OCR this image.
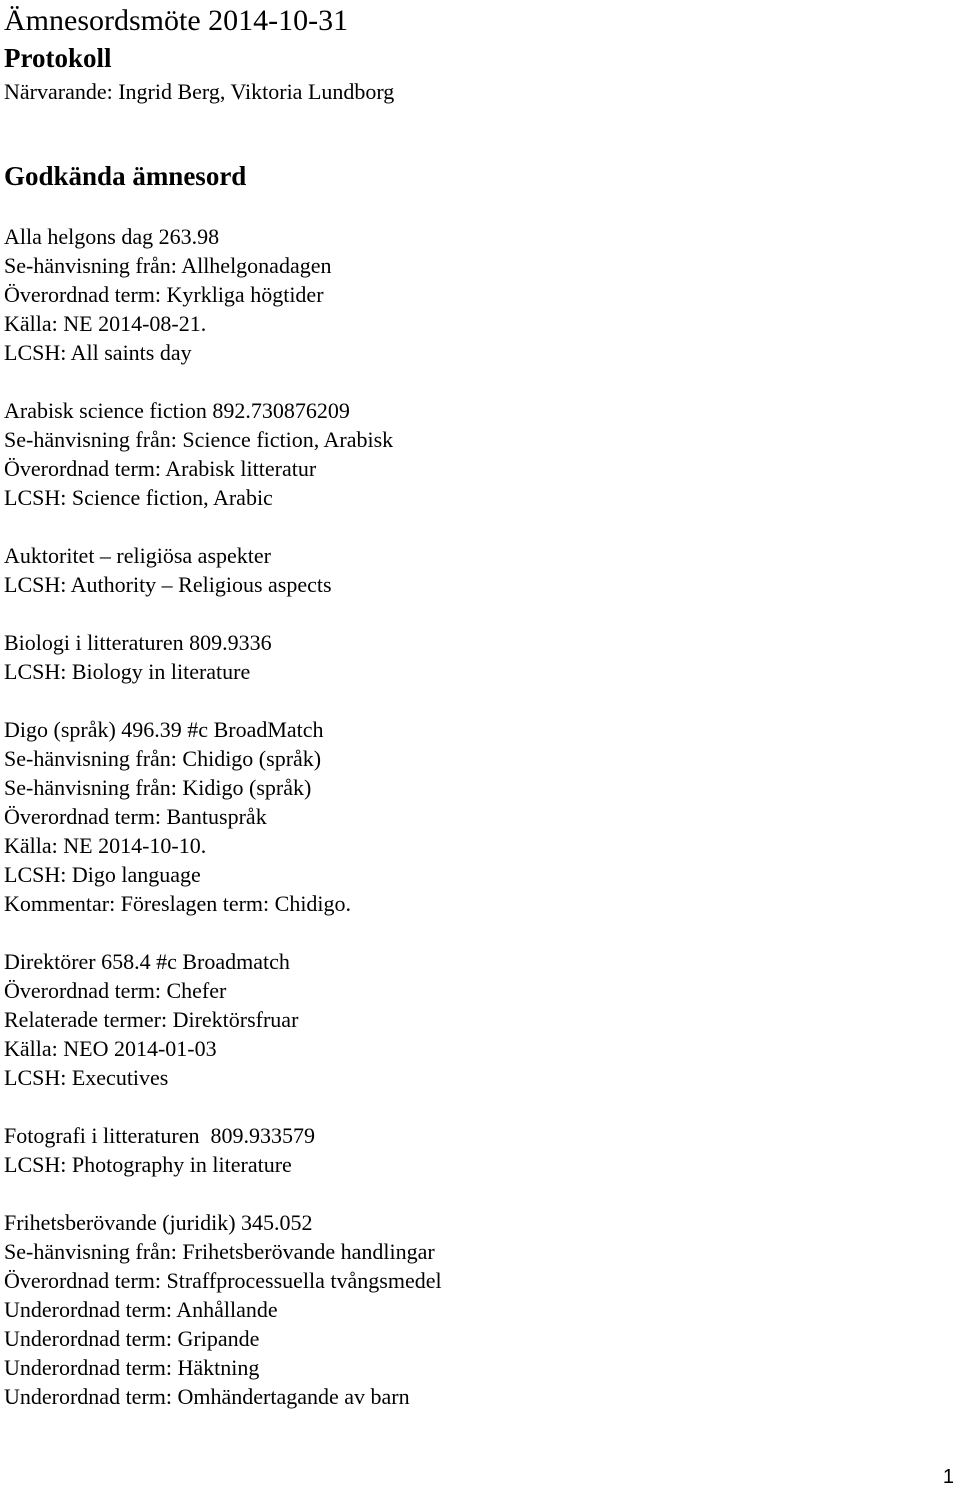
Ämnesordsmöte 2014-10-31
Protokoll

Närvarande: Ingrid Berg, Viktoria Lundborg

Godkända ämnesord
Alla helgons dag 263.98
Se-hänvisning från: Allhelgonadagen
Överordnad term: Kyrkliga högtider
Källa: NE 2014-08-21.
LCSH: All saints day
Arabisk science fiction 892.730876209
Se-hänvisning från: Science fiction, Arabisk
Överordnad term: Arabisk litteratur
LCSH: Science fiction, Arabic
Auktoritet – religiösa aspekter
LCSH: Authority – Religious aspects
Biologi i litteraturen 809.9336
LCSH: Biology in literature
Digo (språk) 496.39 #c BroadMatch
Se-hänvisning från: Chidigo (språk)
Se-hänvisning från: Kidigo (språk)
Överordnad term: Bantuspråk
Källa: NE 2014-10-10.
LCSH: Digo language
Kommentar: Föreslagen term: Chidigo.
Direktörer 658.4 #c Broadmatch
Överordnad term: Chefer
Relaterade termer: Direktörsfruar
Källa: NEO 2014-01-03
LCSH: Executives
Fotografi i litteraturen  809.933579
LCSH: Photography in literature
Frihetsberövande (juridik) 345.052
Se-hänvisning från: Frihetsberövande handlingar
Överordnad term: Straffprocessuella tvångsmedel
Underordnad term: Anhållande
Underordnad term: Gripande
Underordnad term: Häktning
Underordnad term: Omhändertagande av barn
1
